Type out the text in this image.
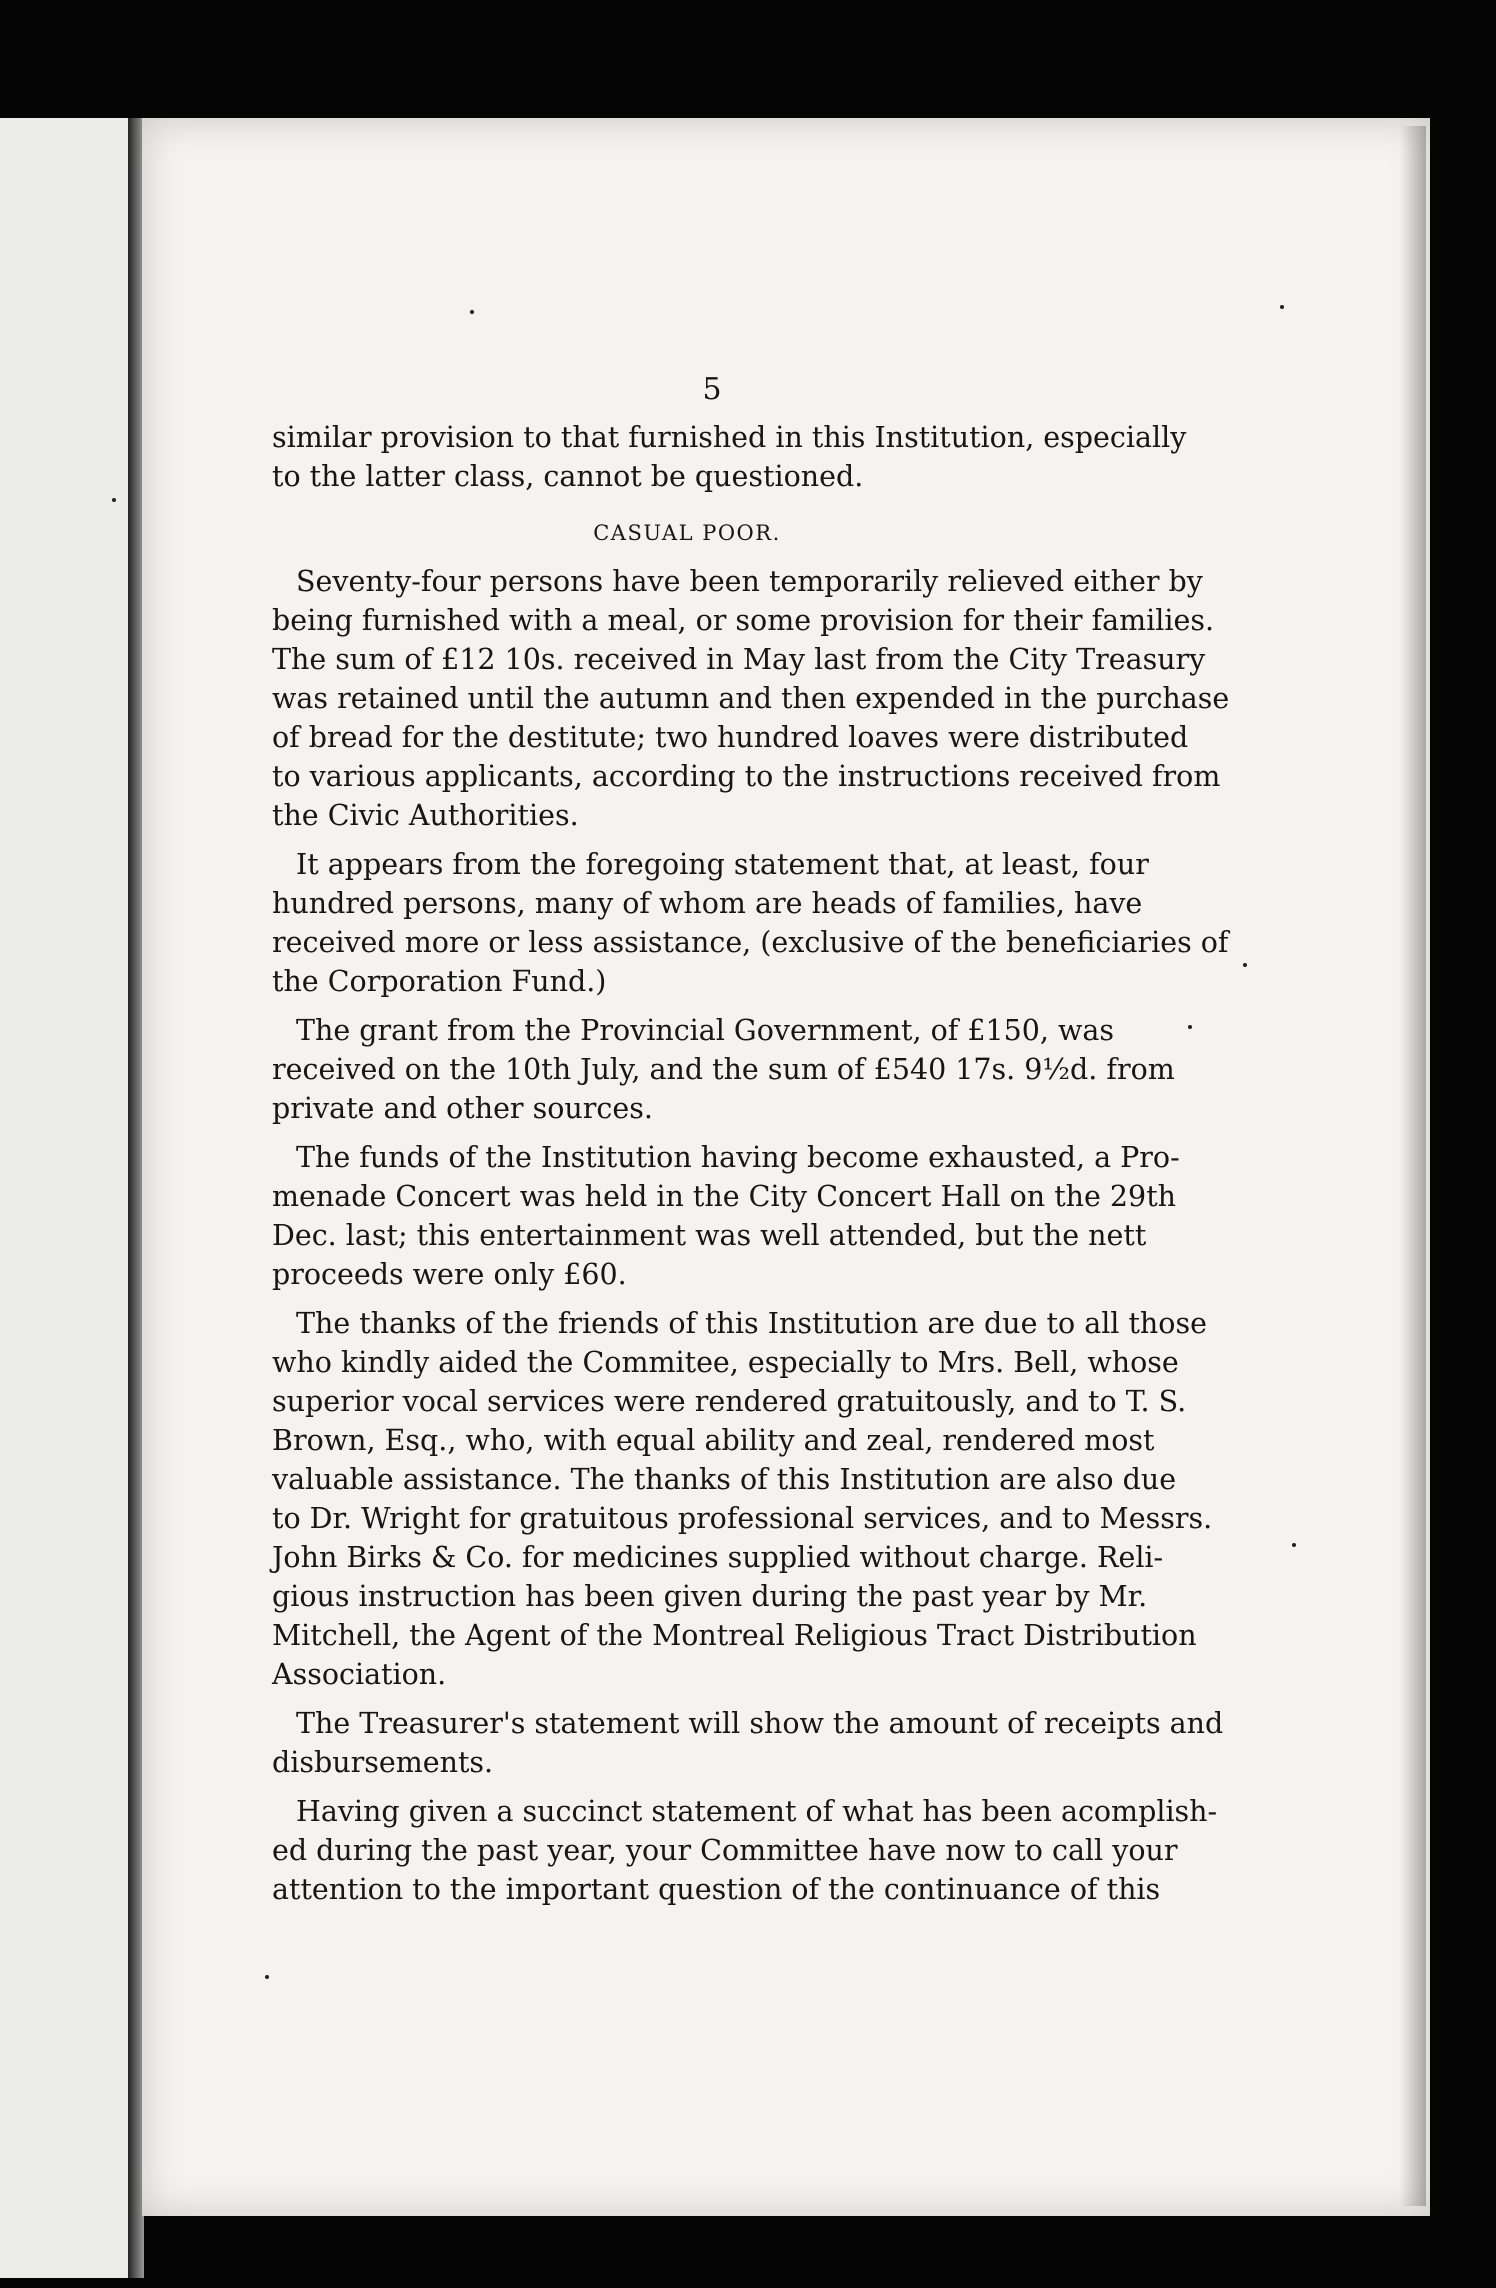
5
similar provision to that furnished in this Institution, especially
to the latter class, cannot be questioned.
CASUAL POOR.
Seventy-four persons have been temporarily relieved either by
being furnished with a meal, or some provision for their families.
The sum of £12 10s. received in May last from the City Treasury
was retained until the autumn and then expended in the purchase
of bread for the destitute; two hundred loaves were distributed
to various applicants, according to the instructions received from
the Civic Authorities.
It appears from the foregoing statement that, at least, four
hundred persons, many of whom are heads of families, have
received more or less assistance, (exclusive of the beneficiaries of
the Corporation Fund.)
The grant from the Provincial Government, of £150, was
received on the 10th July, and the sum of £540 17s. 9½d. from
private and other sources.
The funds of the Institution having become exhausted, a Pro-
menade Concert was held in the City Concert Hall on the 29th
Dec. last; this entertainment was well attended, but the nett
proceeds were only £60.
The thanks of the friends of this Institution are due to all those
who kindly aided the Commitee, especially to Mrs. Bell, whose
superior vocal services were rendered gratuitously, and to T. S.
Brown, Esq., who, with equal ability and zeal, rendered most
valuable assistance. The thanks of this Institution are also due
to Dr. Wright for gratuitous professional services, and to Messrs.
John Birks & Co. for medicines supplied without charge. Reli-
gious instruction has been given during the past year by Mr.
Mitchell, the Agent of the Montreal Religious Tract Distribution
Association.
The Treasurer's statement will show the amount of receipts and
disbursements.
Having given a succinct statement of what has been acomplish-
ed during the past year, your Committee have now to call your
attention to the important question of the continuance of this
